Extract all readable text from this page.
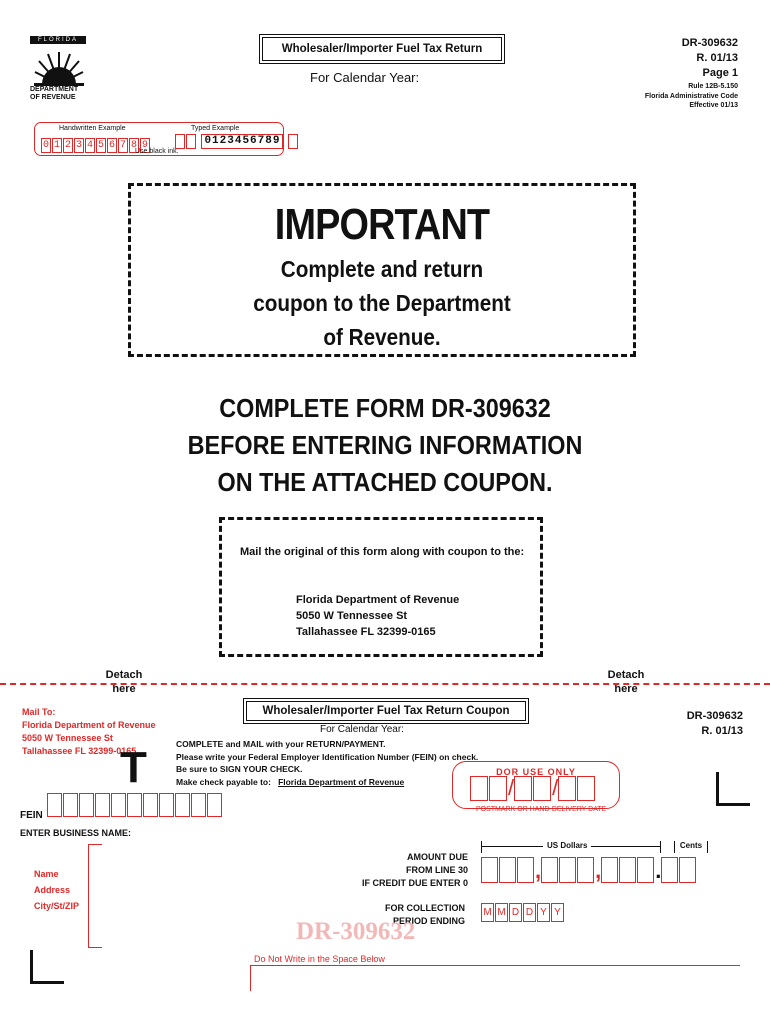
FLORIDA
DEPARTMENT OF REVENUE
Wholesaler/Importer Fuel Tax Return
For Calendar Year:
DR-309632
R. 01/13
Page 1
Rule 12B-5.150
Florida Administrative Code
Effective 01/13
Handwritten Example	Typed Example
0 1 2 3 4 5 6 7 8 9	0123456789
Use black ink.
IMPORTANT
Complete and return
coupon to the Department
of Revenue.
COMPLETE FORM DR-309632
BEFORE ENTERING INFORMATION
ON THE ATTACHED COUPON.

Mail the original of this form along with coupon to the:

Florida Department of Revenue

5050 W Tennessee St

Tallahassee FL 32399-0165

Detach here
Detach here
Wholesaler/Importer Fuel Tax Return Coupon
Mail To:
Florida Department of Revenue
5050 W Tennessee St
Tallahassee FL 32399-0165
For Calendar Year:
COMPLETE and MAIL with your RETURN/PAYMENT.
Please write your Federal Employer Identification Number (FEIN) on check.
Be sure to SIGN YOUR CHECK.
Make check payable to: Florida Department of Revenue
DR-309632
R. 01/13
T	DOR USE ONLY
/ /
POSTMARK OR HAND-DELIVERY DATE
FEIN
ENTER BUSINESS NAME:
Name
Address
City/St/ZIP
AMOUNT DUE
FROM LINE 30
IF CREDIT DUE ENTER 0
US Dollars	Cents
, , .
FOR COLLECTION
PERIOD ENDING
M M D D Y Y
DR-309632
Do Not Write in the Space Below
